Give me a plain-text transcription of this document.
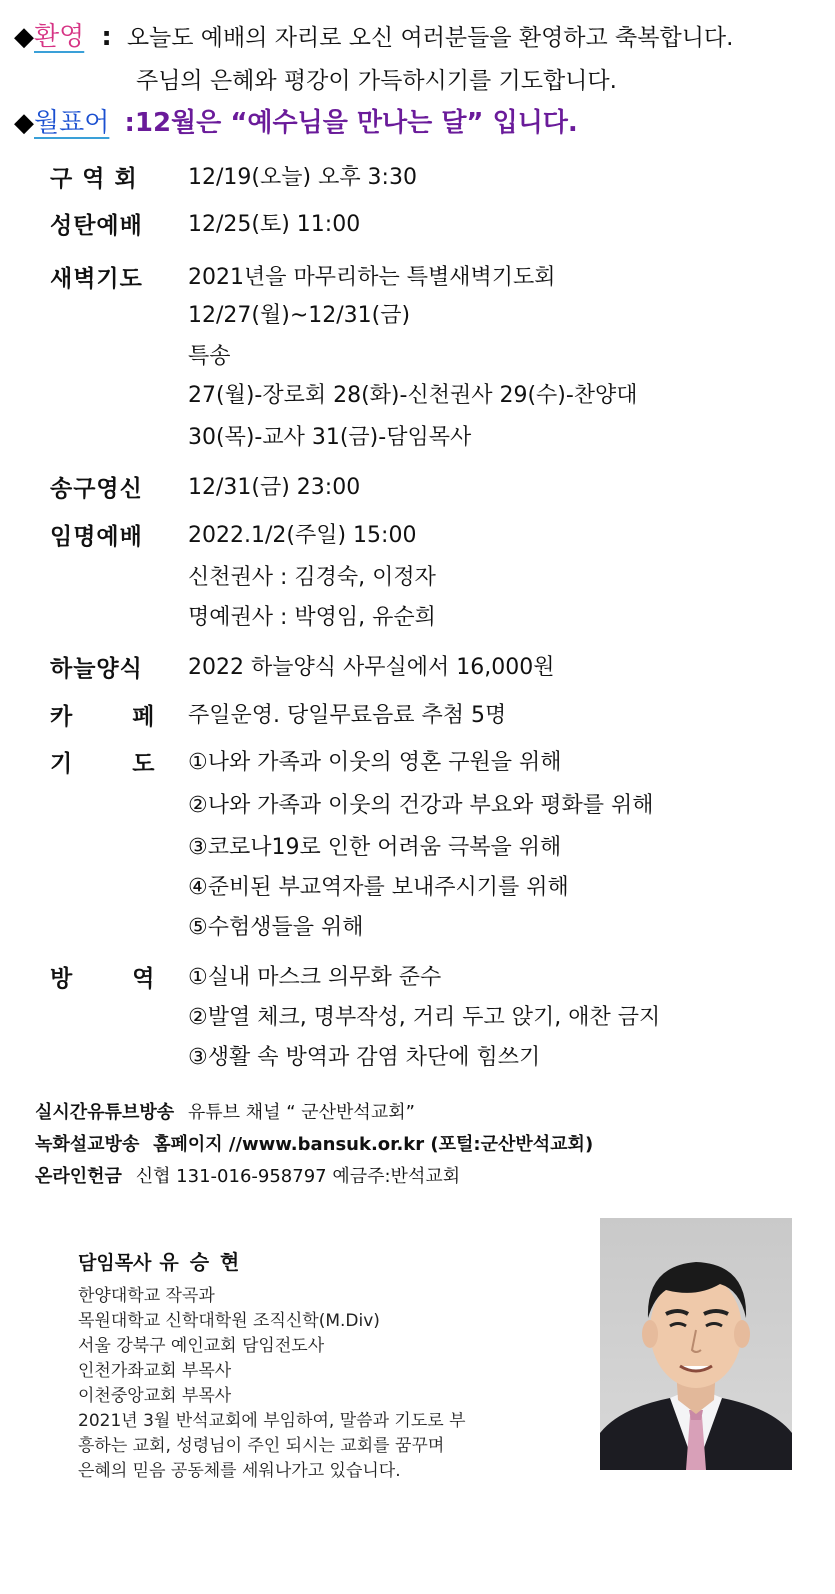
◆환영 : 오늘도 예배의 자리로 오신 여러분들을 환영하고 축복합니다.
주님의 은혜와 평강이 가득하시기를 기도합니다.
◆월표어 :12월은 “예수님을 만나는 달” 입니다.
구 역 회	12/19(오늘) 오후 3:30
성탄예배	12/25(토) 11:00
새벽기도	2021년을 마무리하는 특별새벽기도회
12/27(월)~12/31(금)
특송
27(월)-장로회 28(화)-신천권사 29(수)-찬양대
30(목)-교사 31(금)-담임목사
송구영신	12/31(금) 23:00
임명예배	2022.1/2(주일) 15:00
신천권사 : 김경숙, 이정자
명예권사 : 박영임, 유순희
하늘양식	2022 하늘양식 사무실에서 16,000원
카 페	주일운영. 당일무료음료 추첨 5명
기 도	①나와 가족과 이웃의 영혼 구원을 위해
②나와 가족과 이웃의 건강과 부요와 평화를 위해
③코로나19로 인한 어려움 극복을 위해
④준비된 부교역자를 보내주시기를 위해
⑤수험생들을 위해
방 역	①실내 마스크 의무화 준수
②발열 체크, 명부작성, 거리 두고 앉기, 애찬 금지
③생활 속 방역과 감염 차단에 힘쓰기
실시간유튜브방송 유튜브 채널 “ 군산반석교회”
녹화설교방송 홈페이지 //www.bansuk.or.kr (포털:군산반석교회)
온라인헌금 신협 131-016-958797 예금주:반석교회
담임목사 유 승 현
한양대학교 작곡과
목원대학교 신학대학원 조직신학(M.Div)
서울 강북구 예인교회 담임전도사
인천가좌교회 부목사
이천중앙교회 부목사
2021년 3월 반석교회에 부임하여, 말씀과 기도로 부
흥하는 교회, 성령님이 주인 되시는 교회를 꿈꾸며
은혜의 믿음 공동체를 세워나가고 있습니다.
